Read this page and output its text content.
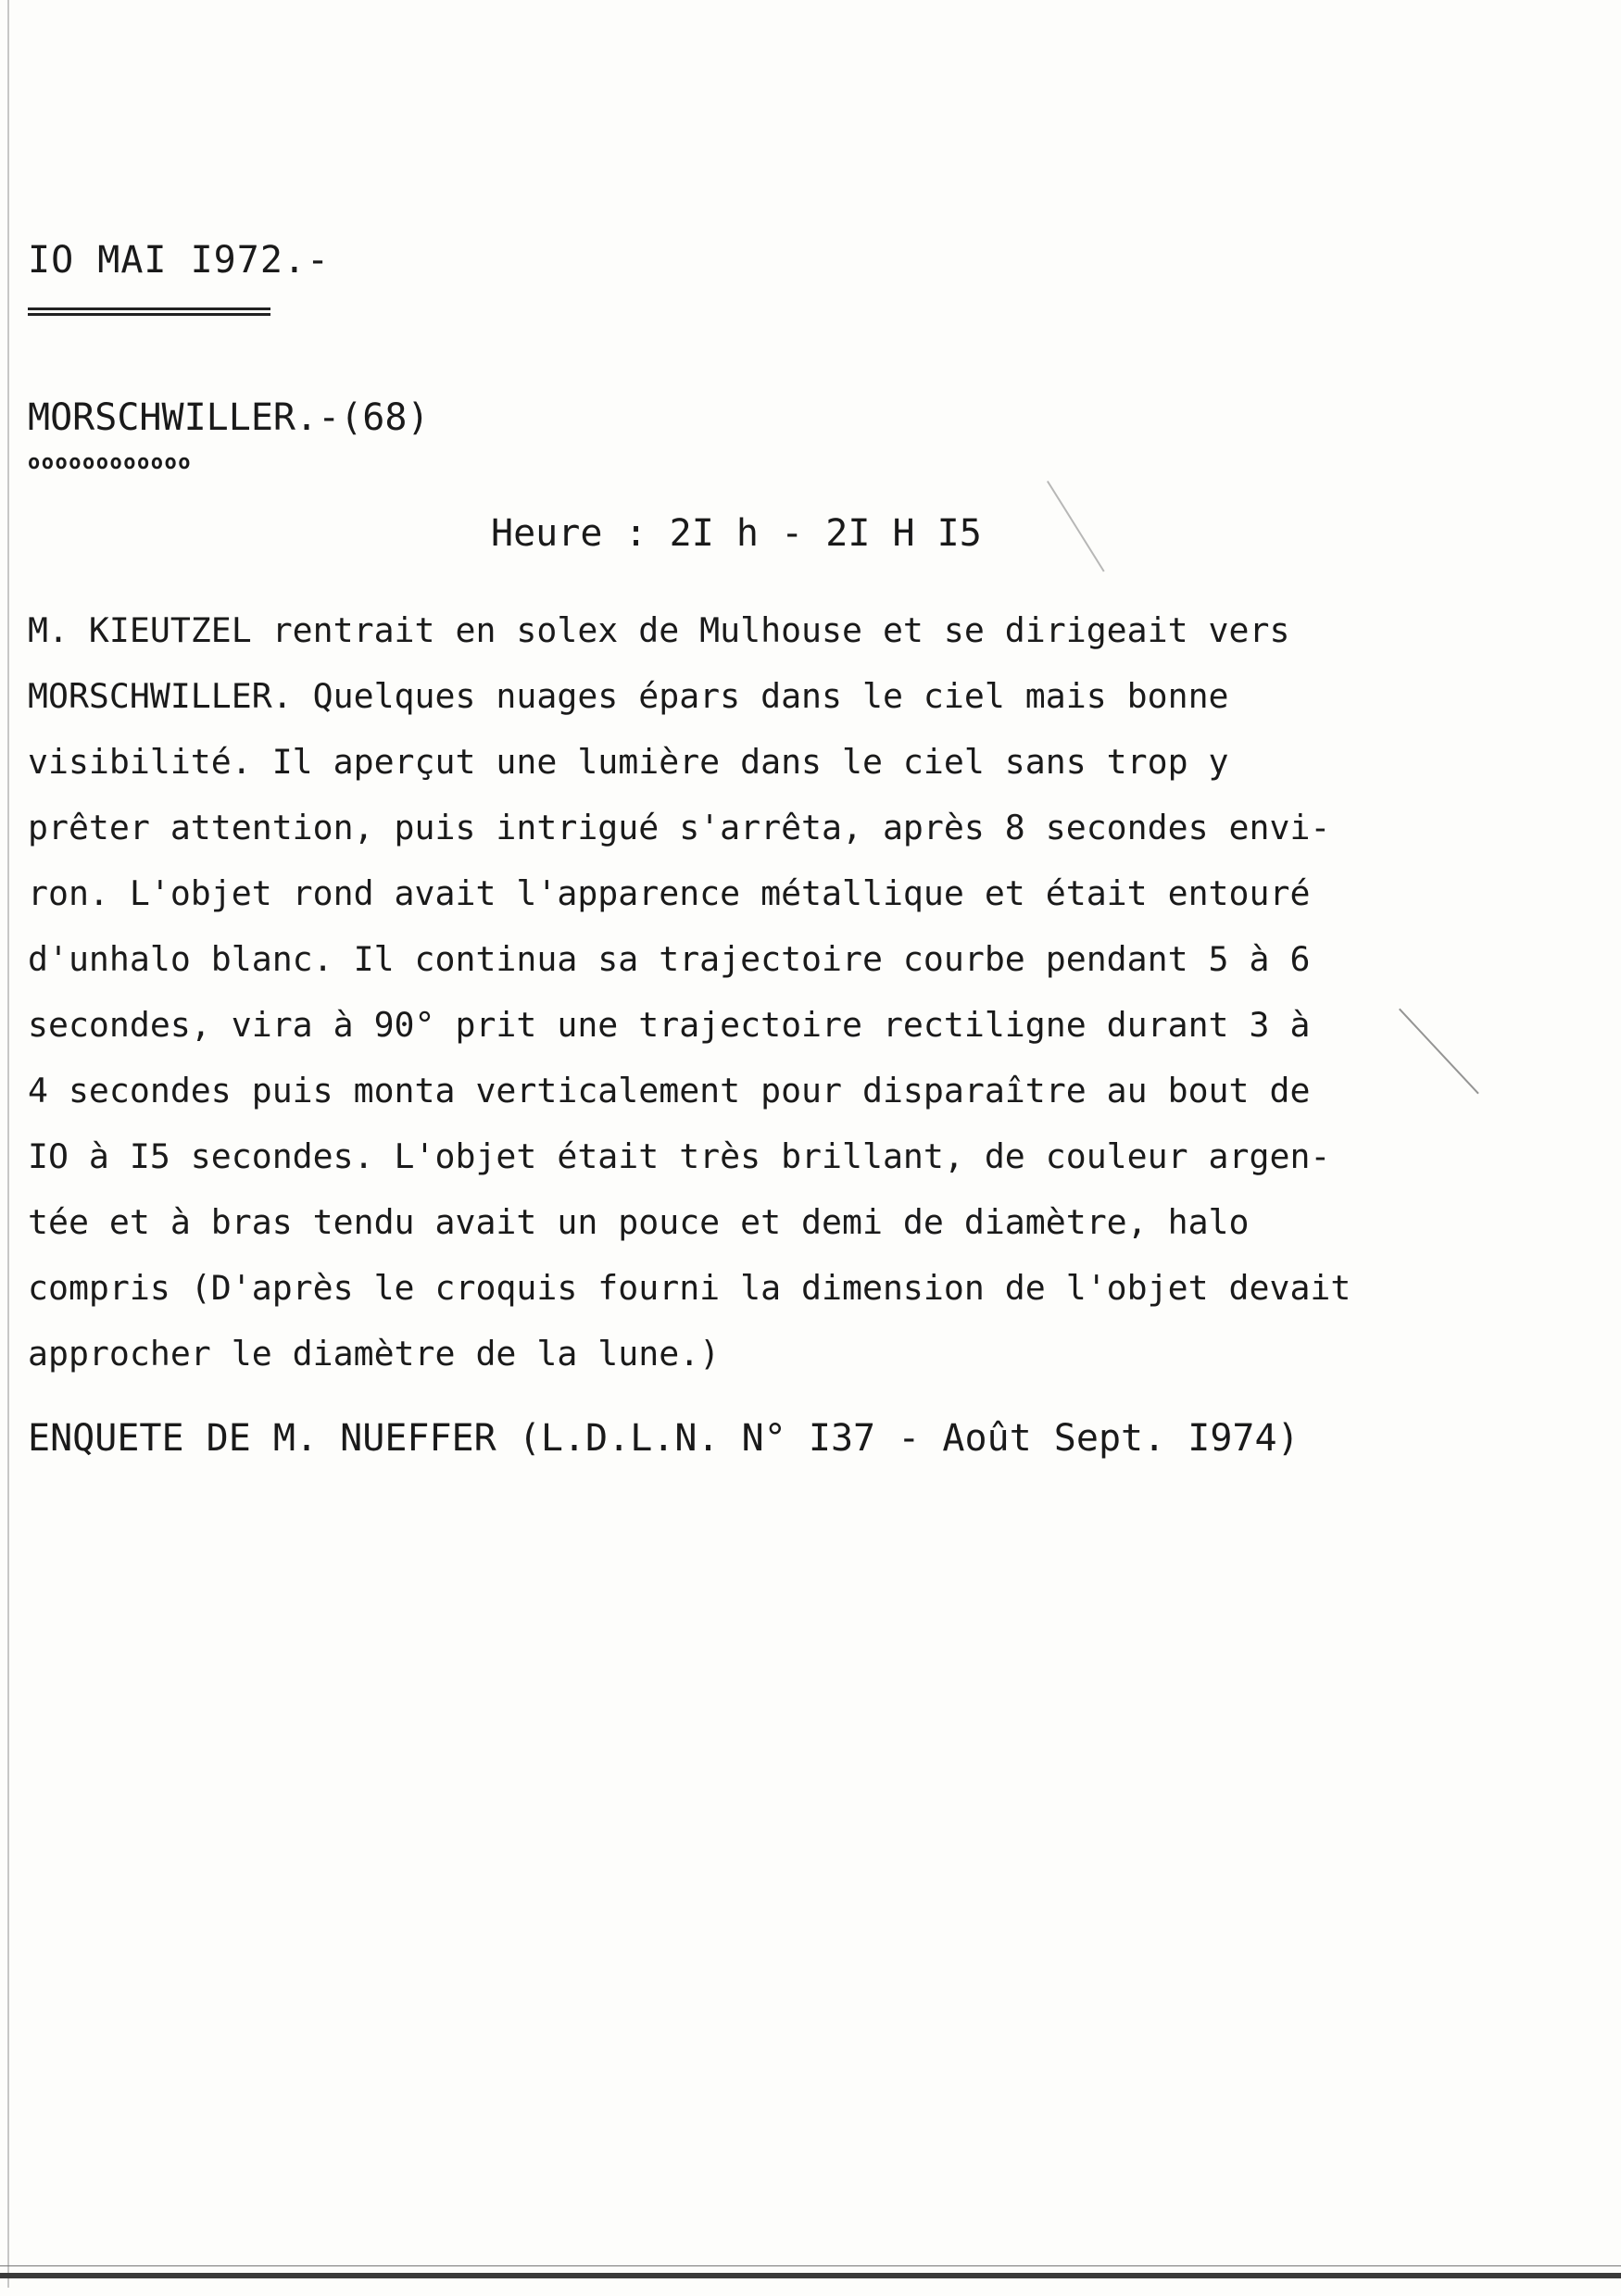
IO MAI I972.-
MORSCHWILLER.-(68)
oooooooooooo
Heure : 2I h - 2I H I5
M. KIEUTZEL rentrait en solex de Mulhouse et se dirigeait vers
MORSCHWILLER. Quelques nuages épars dans le ciel mais bonne
visibilité. Il aperçut une lumière dans le ciel sans trop y
prêter attention, puis intrigué s'arrêta, après 8 secondes envi-
ron. L'objet rond avait l'apparence métallique et était entouré
d'unhalo blanc. Il continua sa trajectoire courbe pendant 5 à 6
secondes, vira à 90° prit une trajectoire rectiligne durant 3 à
4 secondes puis monta verticalement pour disparaître au bout de
IO à I5 secondes. L'objet était très brillant, de couleur argen-
tée et à bras tendu avait un pouce et demi de diamètre, halo
compris (D'après le croquis fourni la dimension de l'objet devait
approcher le diamètre de la lune.)
ENQUETE DE M. NUEFFER (L.D.L.N. N° I37 - Août Sept. I974)
